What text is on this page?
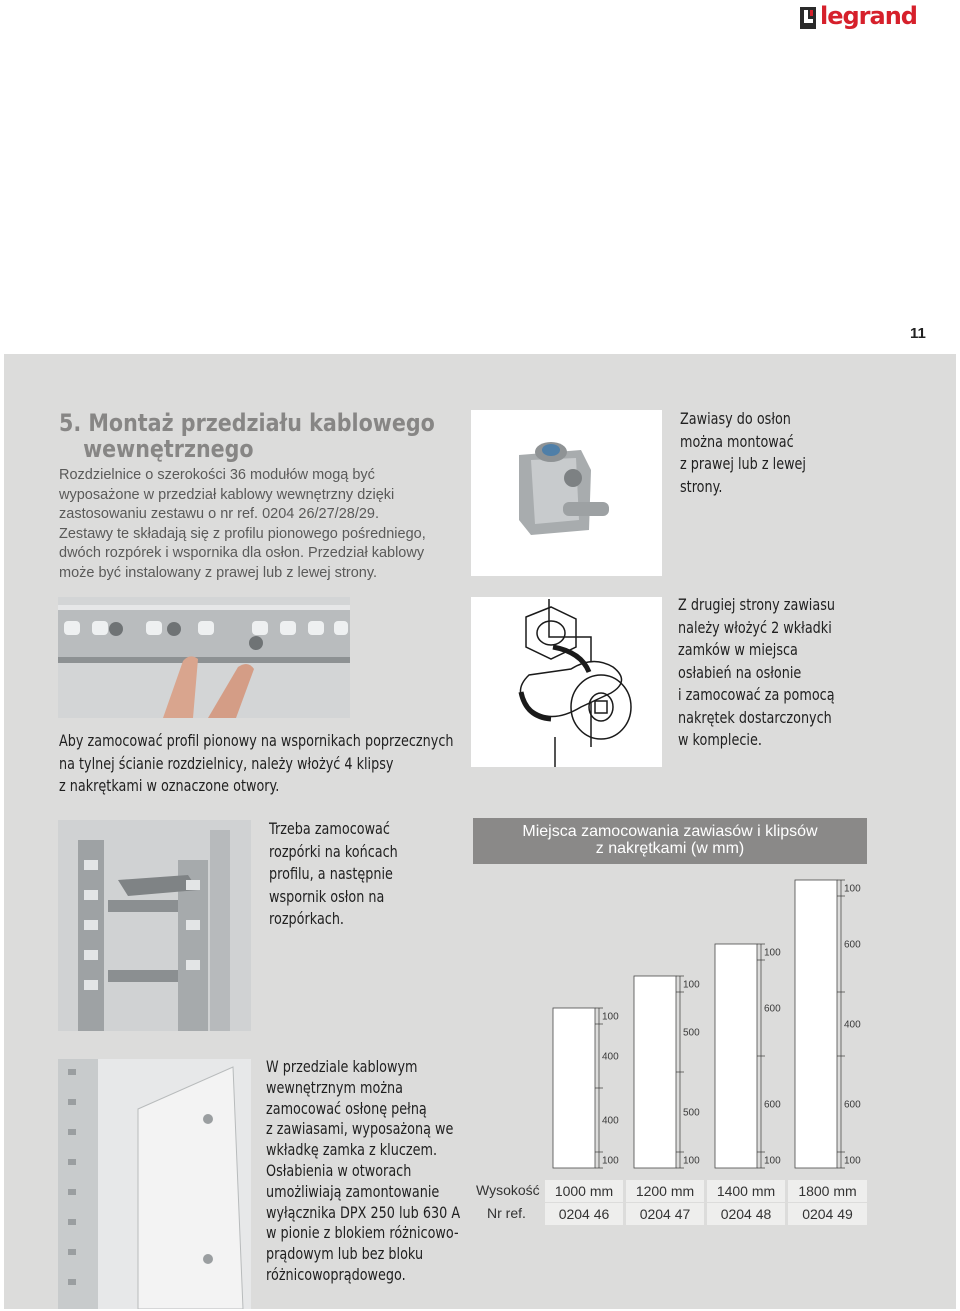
legrand
11
5. Montaż przedziału kablowego
wewnętrznego
Rozdzielnice o szerokości 36 modułów mogą być
wyposażone w przedział kablowy wewnętrzny dzięki
zastosowaniu zestawu o nr ref. 0204 26/27/28/29.
Zestawy te składają się z profilu pionowego pośredniego,
dwóch rozpórek i wspornika dla osłon. Przedział kablowy
może być instalowany z prawej lub z lewej strony.
Aby zamocować profil pionowy na wspornikach poprzecznych
na tylnej ścianie rozdzielnicy, należy włożyć 4 klipsy
z nakrętkami w oznaczone otwory.
Zawiasy do osłon
można montować
z prawej lub z lewej
strony.
Z drugiej strony zawiasu
należy włożyć 2 wkładki
zamków w miejsca
osłabień na osłonie
i zamocować za pomocą
nakrętek dostarczonych
w komplecie.
Trzeba zamocować
rozpórki na końcach
profilu, a następnie
wspornik osłon na
rozpórkach.
W przedziale kablowym
wewnętrznym można
zamocować osłonę pełną
z zawiasami, wyposażoną we
wkładkę zamka z kluczem.
Osłabienia w otworach
umożliwiają zamontowanie
wyłącznika DPX 250 lub 630 A
w pionie z blokiem różnicowo-
prądowym lub bez bloku
różnicowoprądowego.
Miejsca zamocowania zawiasów i klipsów
z nakrętkami (w mm)
100
400
400
100
100
500
500
100
100
600
600
100
100
600
400
600
100
Wysokość
Nr ref.
1000 mm	1200 mm	1400 mm	1800 mm
0204 46	0204 47	0204 48	0204 49
